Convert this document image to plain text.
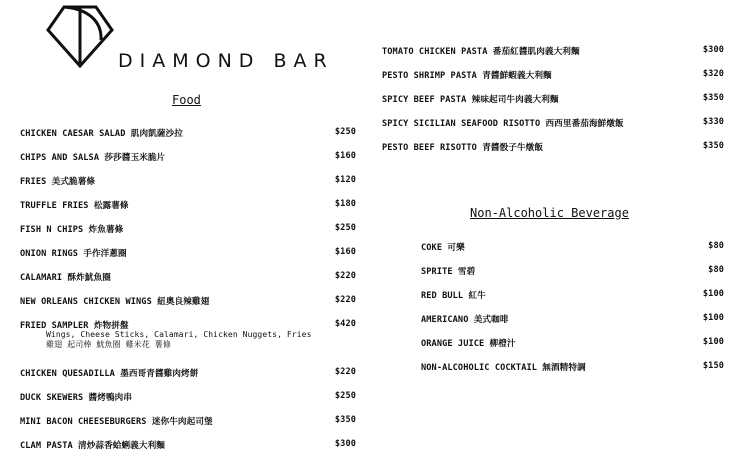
DIAMOND BAR
Food
CHICKEN CAESAR SALAD 肌肉凱薩沙拉	$250
CHIPS AND SALSA 莎莎醬玉米脆片	$160
FRIES 美式脆薯條	$120
TRUFFLE FRIES 松露薯條	$180
FISH N CHIPS 炸魚薯條	$250
ONION RINGS 手作洋蔥圈	$160
CALAMARI 酥炸魷魚圈	$220
NEW ORLEANS CHICKEN WINGS 紐奧良辣雞翅	$220
FRIED SAMPLER 炸物拼盤	$420
Wings, Cheese Sticks, Calamari, Chicken Nuggets, Fries
雞翅 起司棒 魷魚圈 雞米花 薯條
CHICKEN QUESADILLA 墨西哥青醬雞肉烤餅	$220
DUCK SKEWERS 醬烤鴨肉串	$250
MINI BACON CHEESEBURGERS 迷你牛肉起司堡	$350
CLAM PASTA 清炒蒜香蛤蜊義大利麵	$300
TOMATO CHICKEN PASTA 番茄紅醬肌肉義大利麵	$300
PESTO SHRIMP PASTA 青醬鮮蝦義大利麵	$320
SPICY BEEF PASTA 辣味起司牛肉義大利麵	$350
SPICY SICILIAN SEAFOOD RISOTTO 西西里番茄海鮮燉飯	$330
PESTO BEEF RISOTTO 青醬骰子牛燉飯	$350
Non-Alcoholic Beverage
COKE 可樂	$80
SPRITE 雪碧	$80
RED BULL 紅牛	$100
AMERICANO 美式咖啡	$100
ORANGE JUICE 柳橙汁	$100
NON-ALCOHOLIC COCKTAIL 無酒精特調	$150
